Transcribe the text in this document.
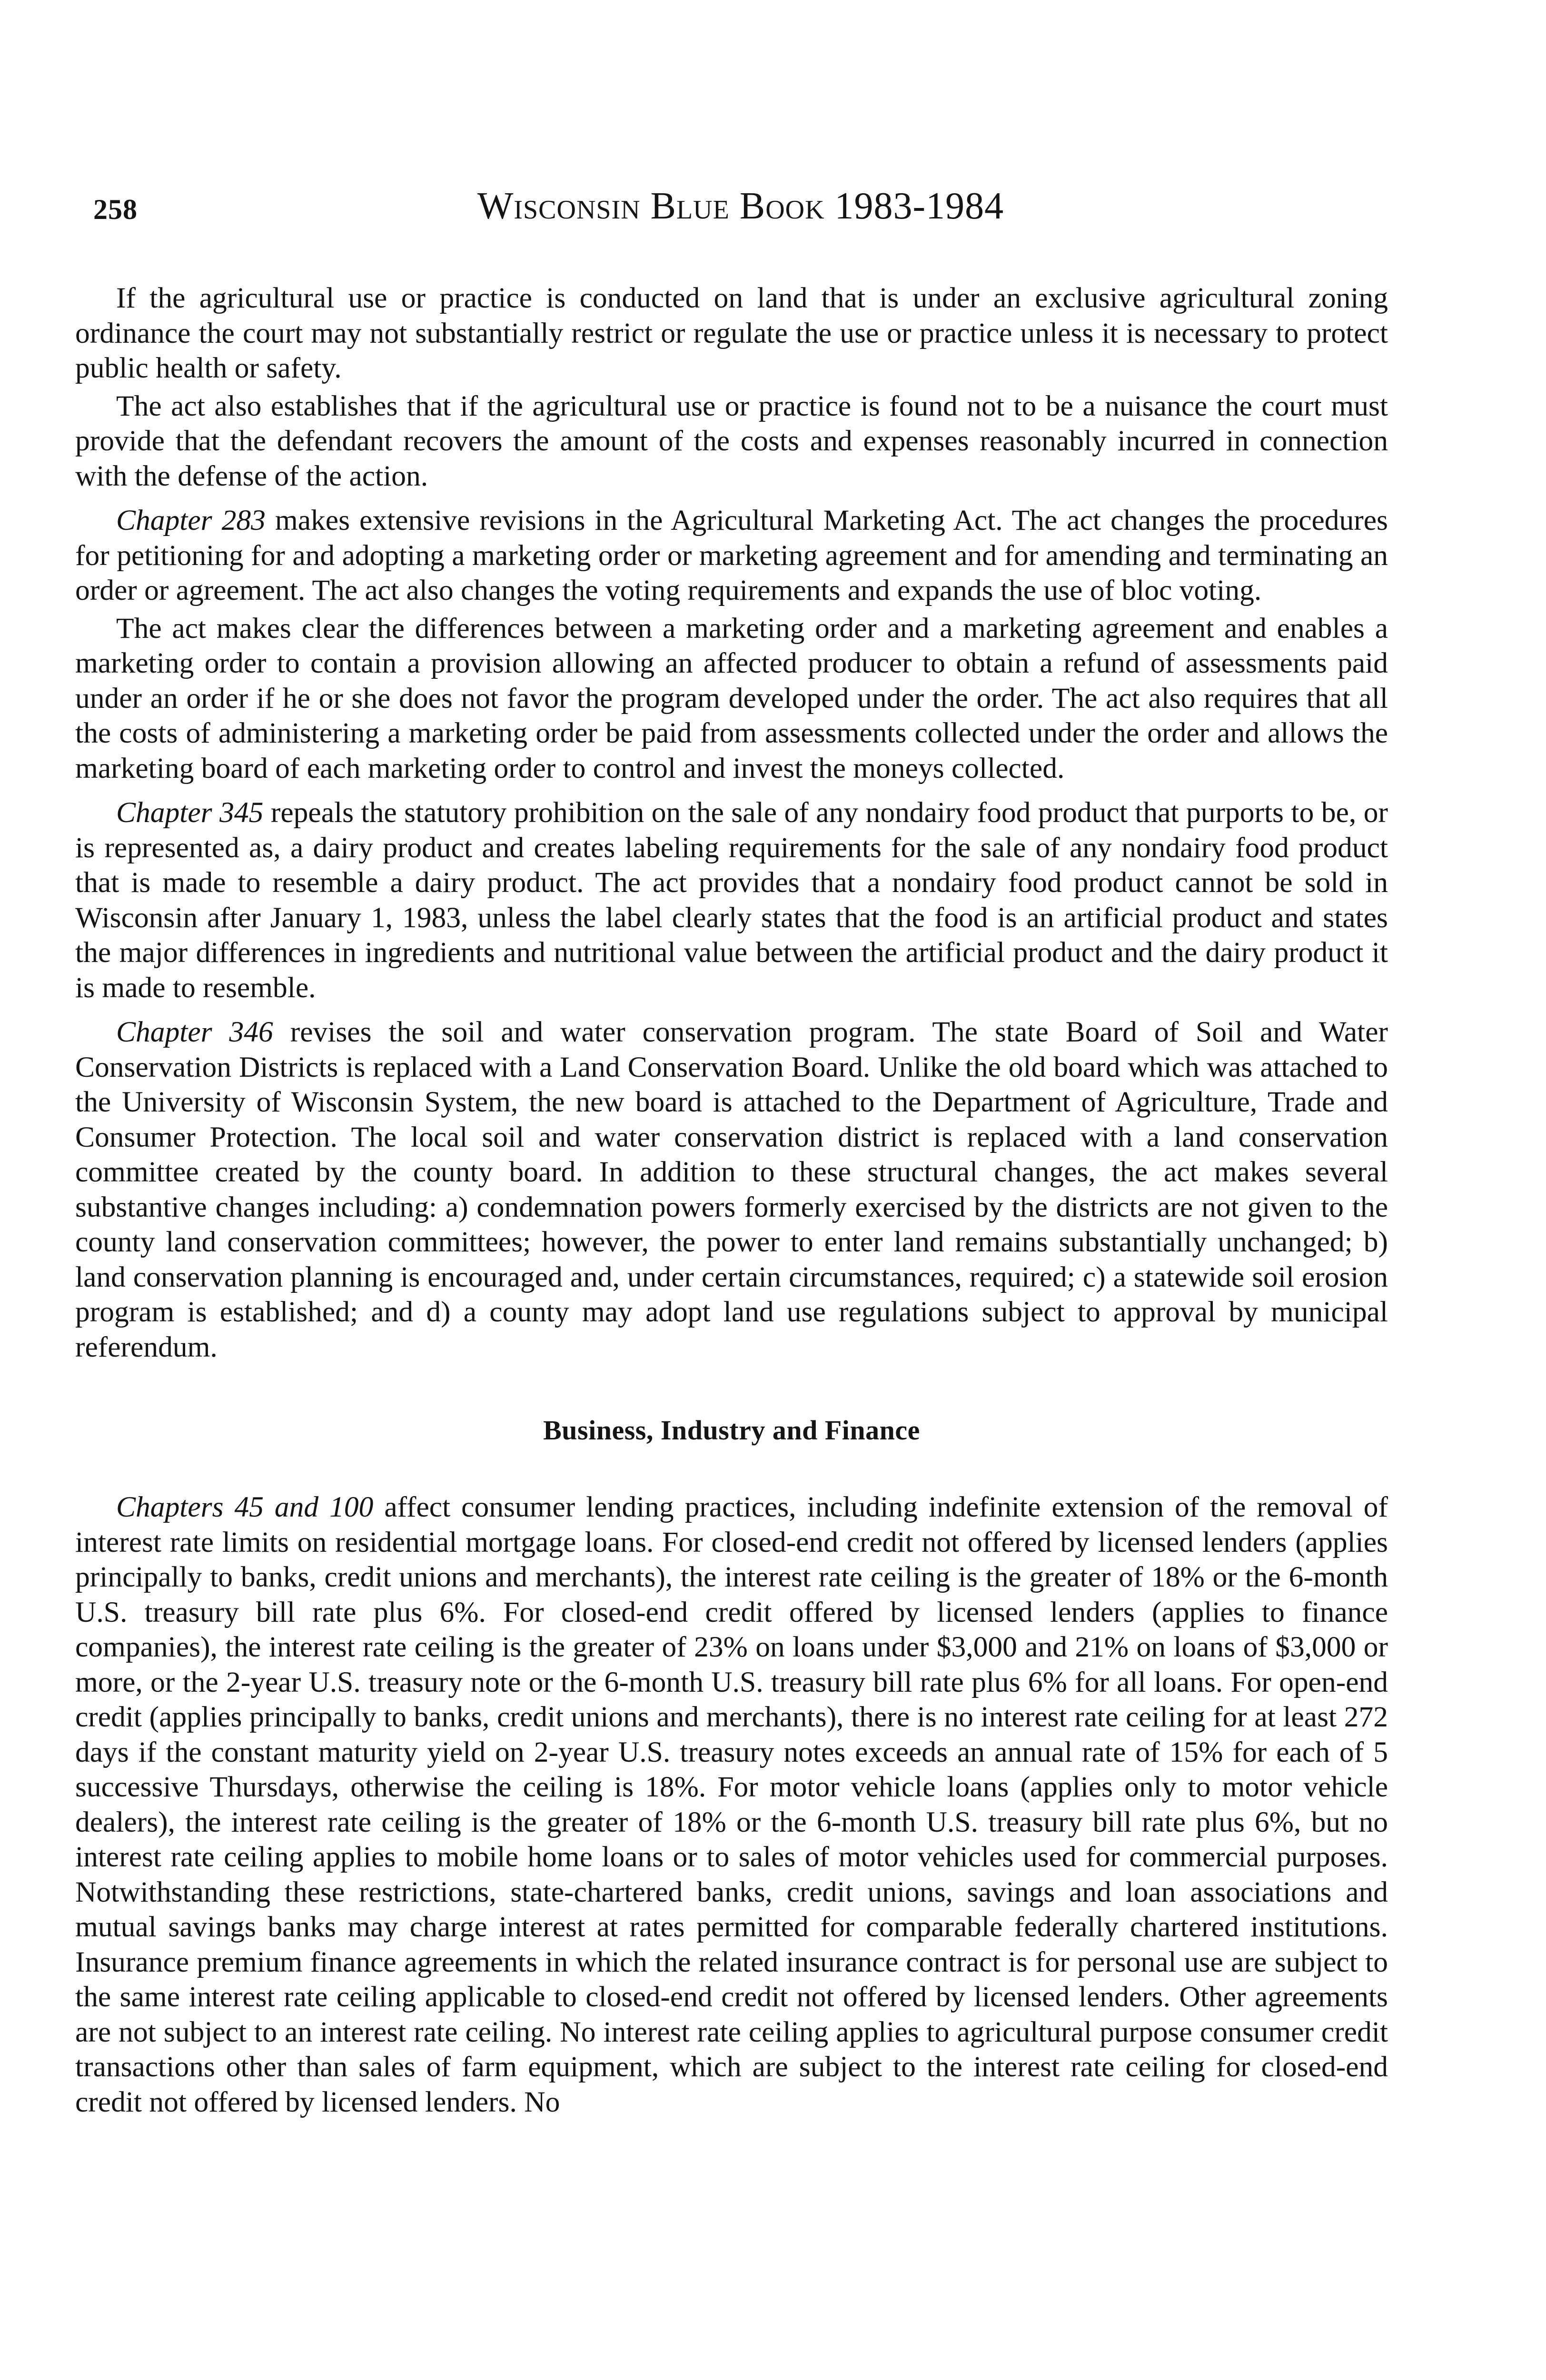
258	Wisconsin Blue Book 1983-1984

If the agricultural use or practice is conducted on land that is under an exclusive agricultural zoning ordinance the court may not substantially restrict or regulate the use or practice unless it is necessary to protect public health or safety.

The act also establishes that if the agricultural use or practice is found not to be a nuisance the court must provide that the defendant recovers the amount of the costs and expenses reasonably incurred in connection with the defense of the action.

Chapter 283 makes extensive revisions in the Agricultural Marketing Act. The act changes the procedures for petitioning for and adopting a marketing order or marketing agreement and for amending and terminating an order or agreement. The act also changes the voting requirements and expands the use of bloc voting.

The act makes clear the differences between a marketing order and a marketing agreement and enables a marketing order to contain a provision allowing an affected producer to obtain a refund of assessments paid under an order if he or she does not favor the program developed under the order. The act also requires that all the costs of administering a marketing order be paid from assessments collected under the order and allows the marketing board of each marketing order to control and invest the moneys collected.

Chapter 345 repeals the statutory prohibition on the sale of any nondairy food product that purports to be, or is represented as, a dairy product and creates labeling requirements for the sale of any nondairy food product that is made to resemble a dairy product. The act provides that a nondairy food product cannot be sold in Wisconsin after January 1, 1983, unless the label clearly states that the food is an artificial product and states the major differences in ingredients and nutritional value between the artificial product and the dairy product it is made to resemble.

Chapter 346 revises the soil and water conservation program. The state Board of Soil and Water Conservation Districts is replaced with a Land Conservation Board. Unlike the old board which was attached to the University of Wisconsin System, the new board is attached to the Department of Agriculture, Trade and Consumer Protection. The local soil and water conservation district is replaced with a land conservation committee created by the county board. In addition to these structural changes, the act makes several substantive changes including: a) condemnation powers formerly exercised by the districts are not given to the county land conservation committees; however, the power to enter land remains substantially unchanged; b) land conservation planning is encouraged and, under certain circumstances, required; c) a statewide soil erosion program is established; and d) a county may adopt land use regulations subject to approval by municipal referendum.

Business, Industry and Finance

Chapters 45 and 100 affect consumer lending practices, including indefinite extension of the removal of interest rate limits on residential mortgage loans. For closed-end credit not offered by licensed lenders (applies principally to banks, credit unions and merchants), the interest rate ceiling is the greater of 18% or the 6-month U.S. treasury bill rate plus 6%. For closed-end credit offered by licensed lenders (applies to finance companies), the interest rate ceiling is the greater of 23% on loans under $3,000 and 21% on loans of $3,000 or more, or the 2-year U.S. treasury note or the 6-month U.S. treasury bill rate plus 6% for all loans. For open-end credit (applies principally to banks, credit unions and merchants), there is no interest rate ceiling for at least 272 days if the constant maturity yield on 2-year U.S. treasury notes exceeds an annual rate of 15% for each of 5 successive Thursdays, otherwise the ceiling is 18%. For motor vehicle loans (applies only to motor vehicle dealers), the interest rate ceiling is the greater of 18% or the 6-month U.S. treasury bill rate plus 6%, but no interest rate ceiling applies to mobile home loans or to sales of motor vehicles used for commercial purposes. Notwithstanding these restrictions, state-chartered banks, credit unions, savings and loan associations and mutual savings banks may charge interest at rates permitted for comparable federally chartered institutions. Insurance premium finance agreements in which the related insurance contract is for personal use are subject to the same interest rate ceiling applicable to closed-end credit not offered by licensed lenders. Other agreements are not subject to an interest rate ceiling. No interest rate ceiling applies to agricultural purpose consumer credit transactions other than sales of farm equipment, which are subject to the interest rate ceiling for closed-end credit not offered by licensed lenders. No
